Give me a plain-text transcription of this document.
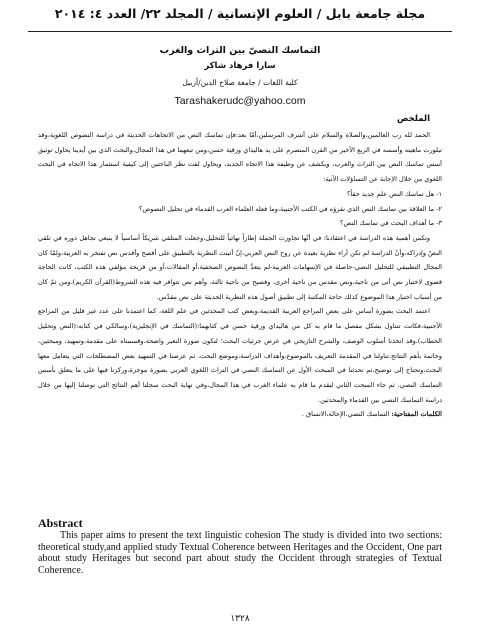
مجلة جامعة بابل / العلوم الإنسانية / المجلد ٢٢/ العدد ٤: ٢٠١٤
التماسك النصيّ بين التراث والغرب
سارا فرهاد شاكر
كلية اللغات / جامعة صلاح الدين/أربيل
Tarashakerudc@yahoo.com
الملخص

الحمد لله رب العالمين،والصلاة والسلام على أشرف المرسلين،أمّا بعد:فإن تماسك النص من الاتجاهات الحديثة في دراسة النصوص اللغوية،وقد تبلورت ماهيته وأسسه في الربع الأخير من القرن المنصرم على يد هاليداي ورقية حسن،ومن تبعهما في هذا المجال،والبحث الذي بين أيدينا يحاول توثيق أسس تماسك النص بين التراث والغرب، ويكشف عن وظيفة هذا الاتجاه الجديد، ويحاول لفت نظر الباحثين إلى كيفية استثمار هذا الاتجاه في البحث اللغوي من خلال الإجابة عن التساؤلات الآتية:

١- هل تماسك النص علم جديد حقاً؟

٢- ما العلاقة بين تماسك النص الذي نقرؤه في الكتب الأجنبية،وما فعله العلماء العرب القدماء في تحليل النصوص؟

٣- ما أهداف البحث في تماسك النص؟

وتكمن أهمية هذه الدراسة في اعتقادنا: في أنّها تجاوزت الجملة إطاراً نهائياً للتحليل،وجعلت المتلقي شريكاً أساسياً لا ينبغي تجاهل دوره في تلقي النصّ وإدراكه،وأنّ الدراسة لم تكن آراء نظرية بعيدة عن روح النص العربي،إنّ أثبتت النظرية بالتطبيق على أفصح وأقدس نص تفتخر به العربية،ولمّا كان المجال التطبيقي للتحليل النصي-حاصلة في الإسهامات الغربية-لم يتعدَّ النصوص الصحفية،أو المقالات،أو من قريحة مؤلفي هذه الكتب، كانت الحاجة قصوى لاختيار نص أتى من ناحية،ونص مقدس من ناحية أخرى، وفصيح من ناحية ثالثة، وأهم نص تتوافر فيه هذه الشروط(القرآن الكريم)،ومن ثمّ كان من أسباب اختيار هذا الموضوع كذلك حاجة المكتبة إلى تطبيق أصول هذه النظرية الحديثة على نص مقدّس.

اعتمد البحث بصورة أساس على بعض المراجع العربية القديمة،وبعض كتب المحدثين في علم اللغة، كما اعتمدنا على عدد غير قليل من المراجع الأجنبية،فكانت تتناول بشكل مفصل ما قام به كل من هاليداي ورقية حسن في كتابهما:(التماسك في الإنجليزية)،وسالكي في كتابه:(النص وتحليل الخطاب)،وقد اتخذنا أسلوب الوصف، والشرح التاريخي في عرض جزئيات البحث؛ لتكون صورة التغير واضحة،وقسمناه على مقدمة،وتمهيد، ومبحثين، وخاتمة بأهم النتائج،تناولنا في المقدمة التعريف بالموضوع،وأهداف الدراسة،وموضع البحث، ثم عرضنا في التمهيد بعض المصطلحات التي يتعامل معها البحث،وتحتاج إلى توضيح،ثم تحدثنا في المبحث الأول عن التماسك النصي في التراث اللغوي العربي بصورة موجزة،وركزنا فيها على ما يتعلق بأسس التماسك النصي، ثم جاء المبحث الثاني ليقدم ما قام به علماء الغرب في هذا المجال،وفي نهاية البحث سجلنا أهم النتائج التي توصلنا إليها من خلال دراسة التماسك النصي بين القدماء والمحدثين.

الكلمات المفتاحية: التماسك النصي،الإحالة،الاتساق .

Abstract

This paper aims to present the text linguistic cohesion The study is divided into two sections: theoretical study,and applied study Textual Coherence between Heritages and the Occident, One part about study Heritages but second part about study the Occident through strategies of Textual Coherence.

١٣٢٨
